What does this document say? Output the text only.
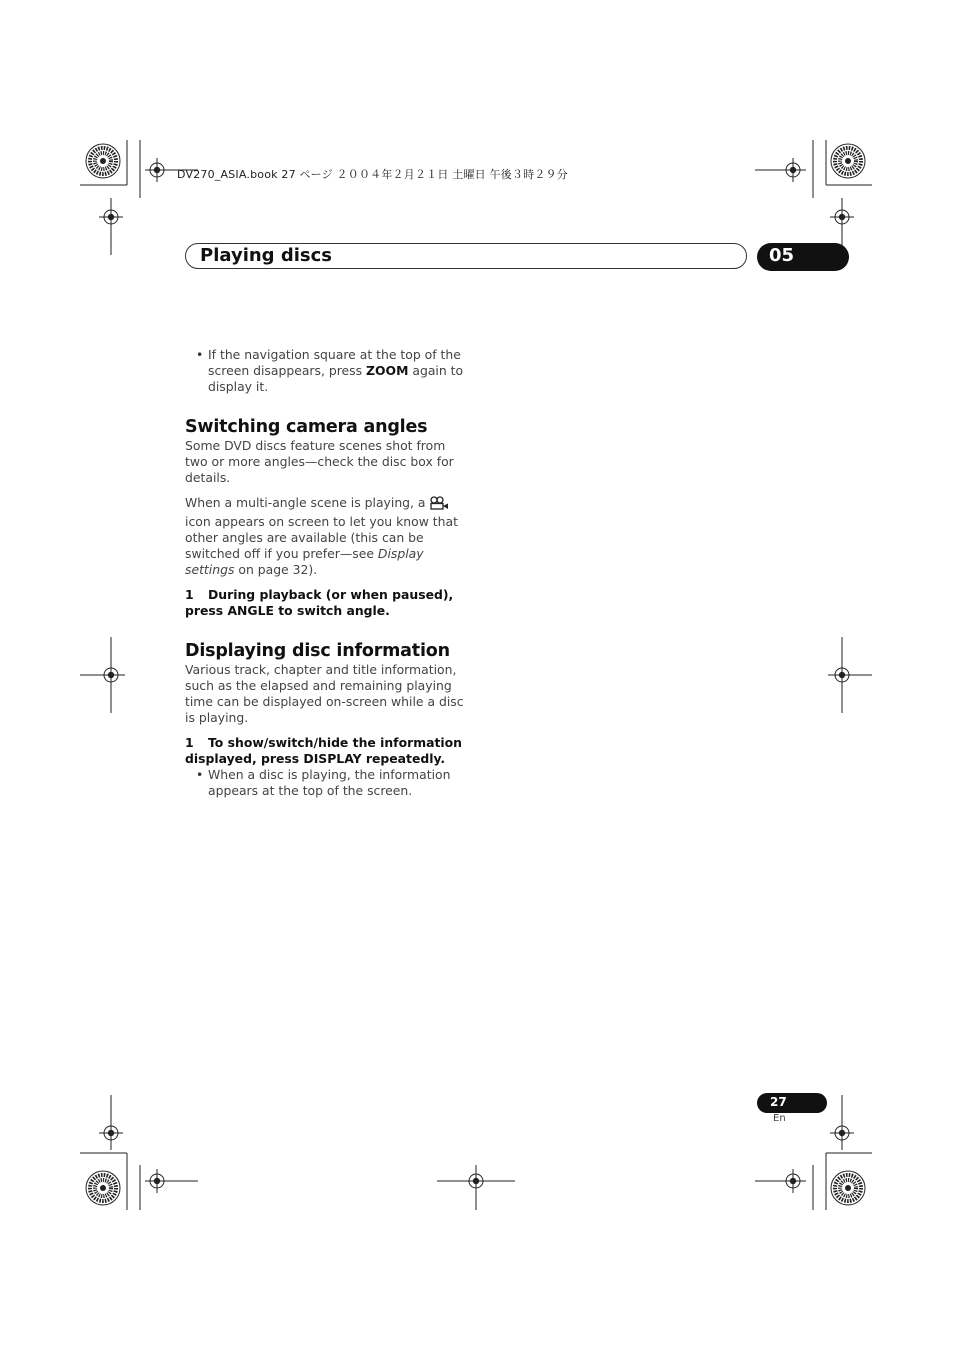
DV270_ASIA.book 27 ページ ２００４年２月２１日 土曜日 午後３時２９分
Playing discs	05

• If the navigation square at the top of the screen disappears, press ZOOM again to display it.

Switching camera angles

Some DVD discs feature scenes shot from two or more angles—check the disc box for details.

When a multi-angle scene is playing, a icon appears on screen to let you know that other angles are available (this can be switched off if you prefer—see Display settings on page 32).

1 During playback (or when paused), press ANGLE to switch angle.

Displaying disc information

Various track, chapter and title information, such as the elapsed and remaining playing time can be displayed on-screen while a disc is playing.

1 To show/switch/hide the information displayed, press DISPLAY repeatedly.

• When a disc is playing, the information appears at the top of the screen.

27
En
